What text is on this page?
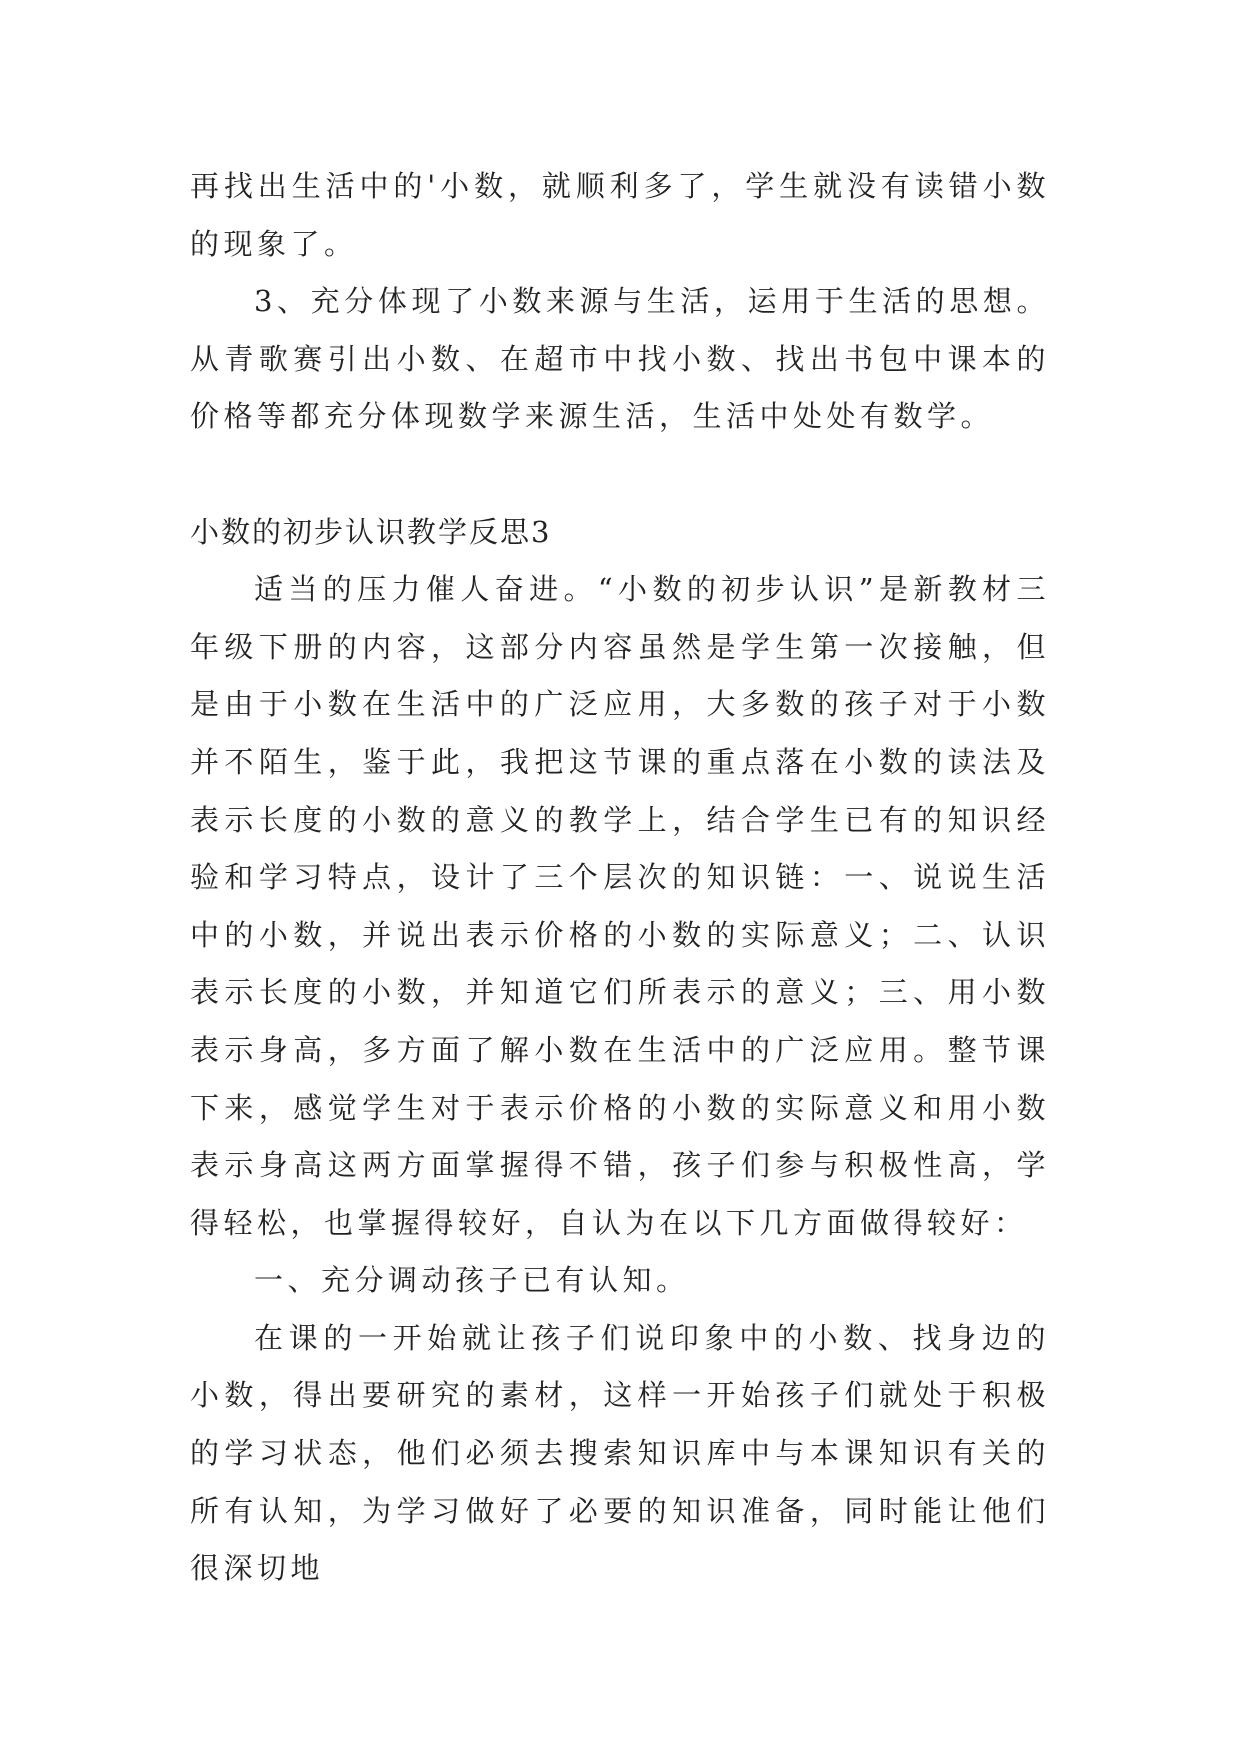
再找出生活中的'小数，就顺利多了，学生就没有读错小数的现象了。

3、充分体现了小数来源与生活，运用于生活的思想。从青歌赛引出小数、在超市中找小数、找出书包中课本的价格等都充分体现数学来源生活，生活中处处有数学。

小数的初步认识教学反思3

适当的压力催人奋进。“小数的初步认识”是新教材三年级下册的内容，这部分内容虽然是学生第一次接触，但是由于小数在生活中的广泛应用，大多数的孩子对于小数并不陌生，鉴于此，我把这节课的重点落在小数的读法及表示长度的小数的意义的教学上，结合学生已有的知识经验和学习特点，设计了三个层次的知识链：一、说说生活中的小数，并说出表示价格的小数的实际意义；二、认识表示长度的小数，并知道它们所表示的意义；三、用小数表示身高，多方面了解小数在生活中的广泛应用。整节课下来，感觉学生对于表示价格的小数的实际意义和用小数表示身高这两方面掌握得不错，孩子们参与积极性高，学得轻松，也掌握得较好，自认为在以下几方面做得较好：

一、充分调动孩子已有认知。

在课的一开始就让孩子们说印象中的小数、找身边的小数，得出要研究的素材，这样一开始孩子们就处于积极的学习状态，他们必须去搜索知识库中与本课知识有关的所有认知，为学习做好了必要的知识准备，同时能让他们很深切地
